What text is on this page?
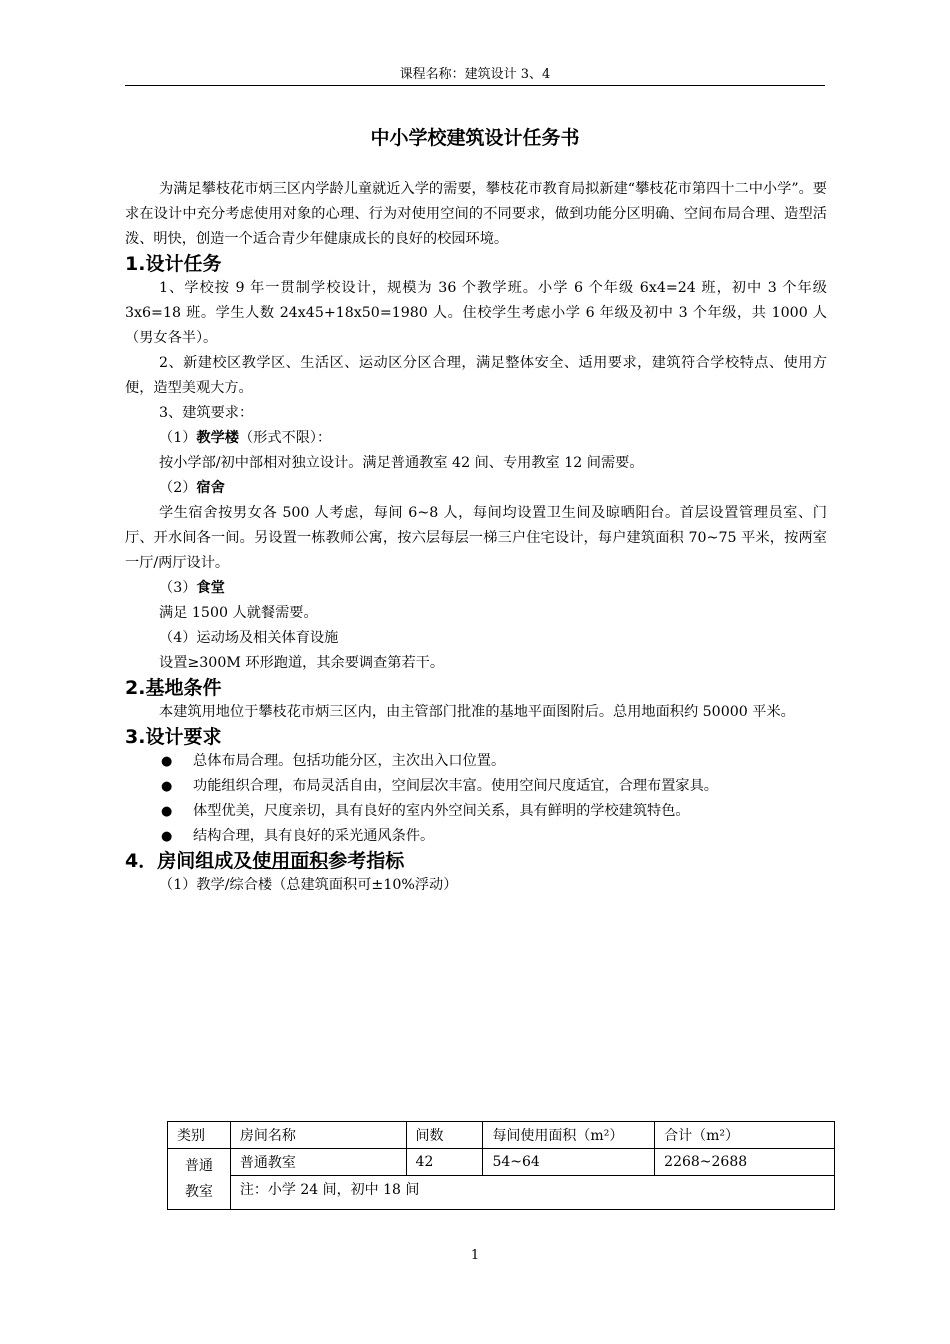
课程名称：建筑设计 3、4
中小学校建筑设计任务书

为满足攀枝花市炳三区内学龄儿童就近入学的需要，攀枝花市教育局拟新建“攀枝花市第四十二中小学”。要求在设计中充分考虑使用对象的心理、行为对使用空间的不同要求，做到功能分区明确、空间布局合理、造型活泼、明快，创造一个适合青少年健康成长的良好的校园环境。

1.设计任务

1、学校按 9 年一贯制学校设计，规模为 36 个教学班。小学 6 个年级 6x4=24 班，初中 3 个年级 3x6=18 班。学生人数 24x45+18x50=1980 人。住校学生考虑小学 6 年级及初中 3 个年级，共 1000 人（男女各半）。

2、新建校区教学区、生活区、运动区分区合理，满足整体安全、适用要求，建筑符合学校特点、使用方便，造型美观大方。

3、建筑要求：

（1）教学楼（形式不限）：

按小学部/初中部相对独立设计。满足普通教室 42 间、专用教室 12 间需要。

（2）宿舍

学生宿舍按男女各 500 人考虑，每间 6~8 人，每间均设置卫生间及晾晒阳台。首层设置管理员室、门厅、开水间各一间。另设置一栋教师公寓，按六层每层一梯三户住宅设计，每户建筑面积 70~75 平米，按两室一厅/两厅设计。

（3）食堂

满足 1500 人就餐需要。

（4）运动场及相关体育设施

设置≥300M 环形跑道，其余要调查第若干。

2.基地条件

本建筑用地位于攀枝花市炳三区内，由主管部门批准的基地平面图附后。总用地面积约 50000 平米。

3.设计要求

● 总体布局合理。包括功能分区，主次出入口位置。

● 功能组织合理，布局灵活自由，空间层次丰富。使用空间尺度适宜，合理布置家具。

● 体型优美，尺度亲切，具有良好的室内外空间关系，具有鲜明的学校建筑特色。

● 结构合理，具有良好的采光通风条件。

4．房间组成及使用面积参考指标

（1）教学/综合楼（总建筑面积可±10%浮动）

类别	房间名称	间数	每间使用面积（m²）	合计（m²）
普通
教室	普通教室	42	54~64	2268~2688
	注：小学 24 间，初中 18 间			
1
